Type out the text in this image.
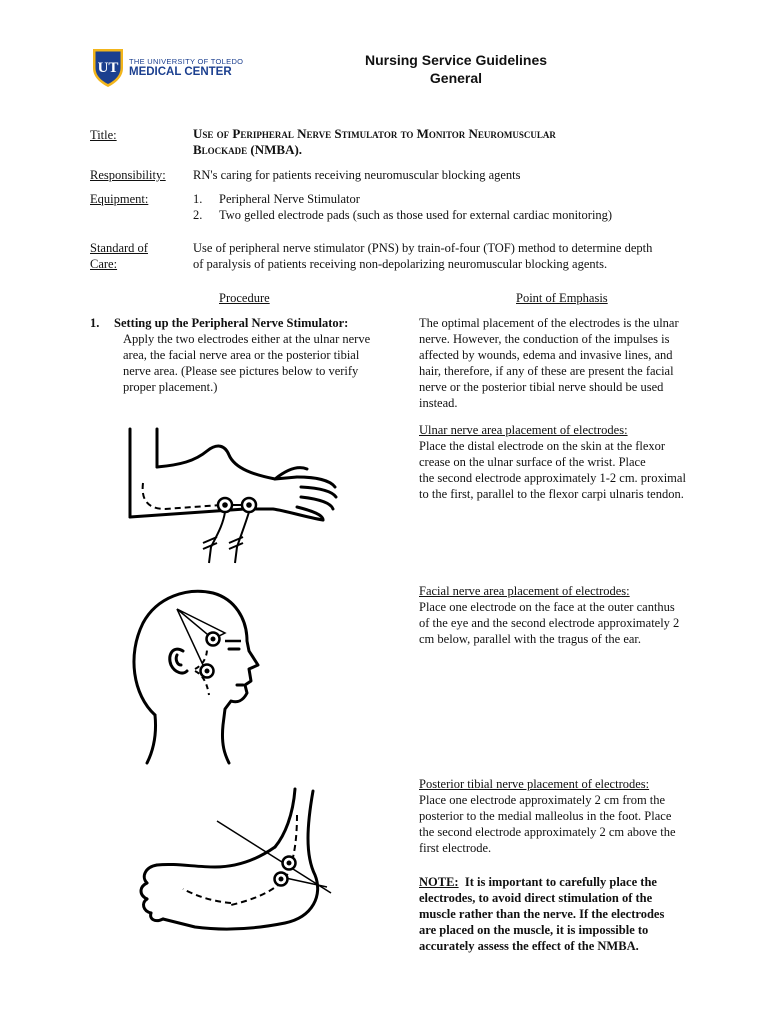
UT THE UNIVERSITY OF TOLEDO
MEDICAL CENTER
Nursing Service Guidelines
General
Title:	Use of Peripheral Nerve Stimulator to Monitor Neuromuscular
Blockade (NMBA).
Responsibility: RN's caring for patients receiving neuromuscular blocking agents
Equipment:	1.	Peripheral Nerve Stimulator
2.	Two gelled electrode pads (such as those used for external cardiac monitoring)
Standard of
Care:
Use of peripheral nerve stimulator (PNS) by train-of-four (TOF) method to determine depth
of paralysis of patients receiving non-depolarizing neuromuscular blocking agents.
Procedure	Point of Emphasis
1. Setting up the Peripheral Nerve Stimulator:
Apply the two electrodes either at the ulnar nerve
area, the facial nerve area or the posterior tibial
nerve area. (Please see pictures below to verify
proper placement.)
The optimal placement of the electrodes is the ulnar
nerve. However, the conduction of the impulses is
affected by wounds, edema and invasive lines, and
hair, therefore, if any of these are present the facial
nerve or the posterior tibial nerve should be used
instead.
Ulnar nerve area placement of electrodes:
Place the distal electrode on the skin at the flexor
crease on the ulnar surface of the wrist. Place
the second electrode approximately 1-2 cm. proximal
to the first, parallel to the flexor carpi ulnaris tendon.
Facial nerve area placement of electrodes:
Place one electrode on the face at the outer canthus
of the eye and the second electrode approximately 2
cm below, parallel with the tragus of the ear.
Posterior tibial nerve placement of electrodes:
Place one electrode approximately 2 cm from the
posterior to the medial malleolus in the foot. Place
the second electrode approximately 2 cm above the
first electrode.
NOTE: It is important to carefully place the
electrodes, to avoid direct stimulation of the
muscle rather than the nerve. If the electrodes
are placed on the muscle, it is impossible to
accurately assess the effect of the NMBA.
